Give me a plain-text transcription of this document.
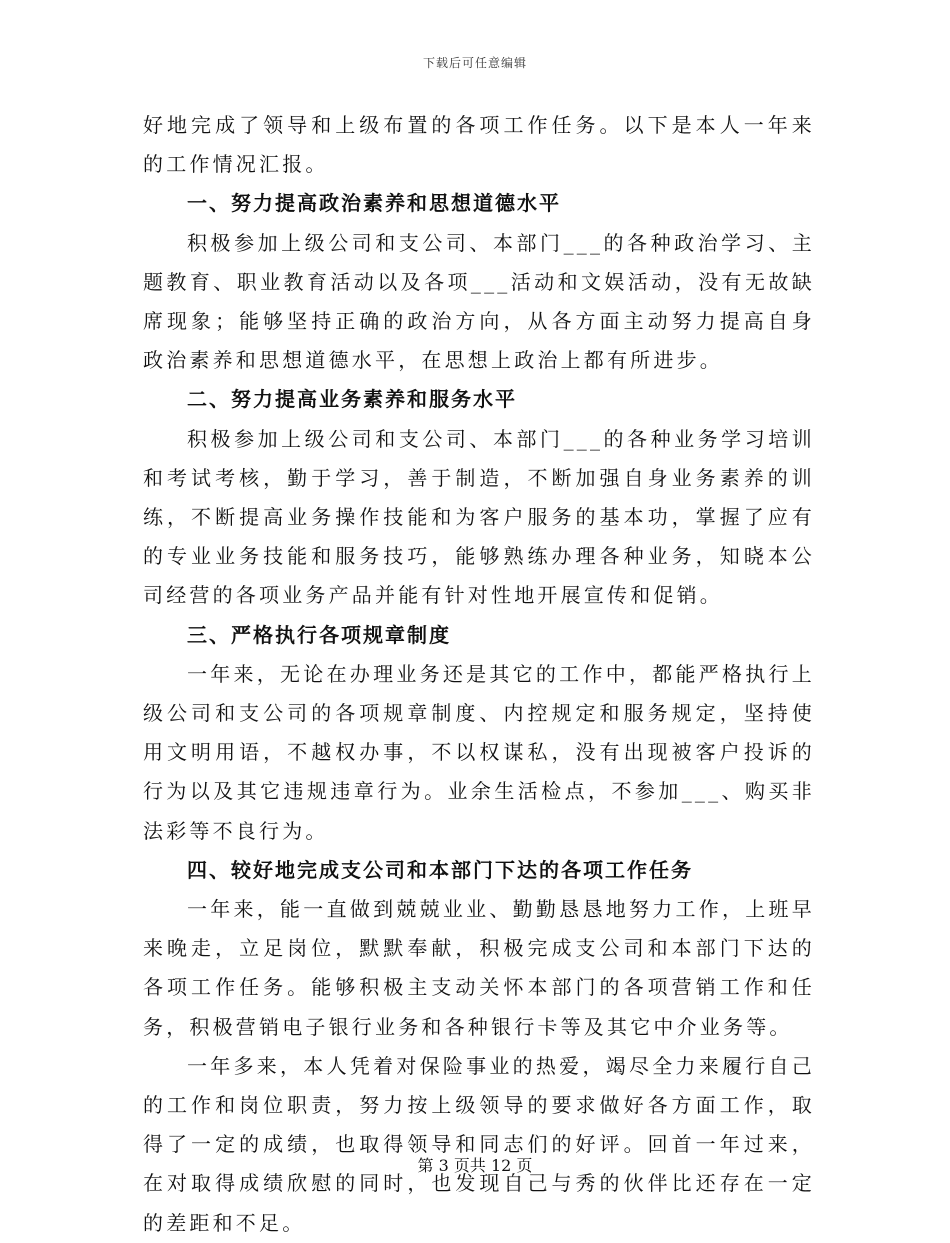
下载后可任意编辑

好地完成了领导和上级布置的各项工作任务。以下是本人一年来的工作情况汇报。

一、努力提高政治素养和思想道德水平

积极参加上级公司和支公司、本部门___的各种政治学习、主题教育、职业教育活动以及各项___活动和文娱活动，没有无故缺席现象；能够坚持正确的政治方向，从各方面主动努力提高自身政治素养和思想道德水平，在思想上政治上都有所进步。

二、努力提高业务素养和服务水平

积极参加上级公司和支公司、本部门___的各种业务学习培训和考试考核，勤于学习，善于制造，不断加强自身业务素养的训练，不断提高业务操作技能和为客户服务的基本功，掌握了应有的专业业务技能和服务技巧，能够熟练办理各种业务，知晓本公司经营的各项业务产品并能有针对性地开展宣传和促销。

三、严格执行各项规章制度

一年来，无论在办理业务还是其它的工作中，都能严格执行上级公司和支公司的各项规章制度、内控规定和服务规定，坚持使用文明用语，不越权办事，不以权谋私，没有出现被客户投诉的行为以及其它违规违章行为。业余生活检点，不参加___、购买非法彩等不良行为。

四、较好地完成支公司和本部门下达的各项工作任务

一年来，能一直做到兢兢业业、勤勤恳恳地努力工作，上班早来晚走，立足岗位，默默奉献，积极完成支公司和本部门下达的各项工作任务。能够积极主支动关怀本部门的各项营销工作和任务，积极营销电子银行业务和各种银行卡等及其它中介业务等。

一年多来，本人凭着对保险事业的热爱，竭尽全力来履行自己的工作和岗位职责，努力按上级领导的要求做好各方面工作，取得了一定的成绩，也取得领导和同志们的好评。回首一年过来，在对取得成绩欣慰的同时，也发现自己与秀的伙伴比还存在一定的差距和不足。

第 3 页共 12 页
